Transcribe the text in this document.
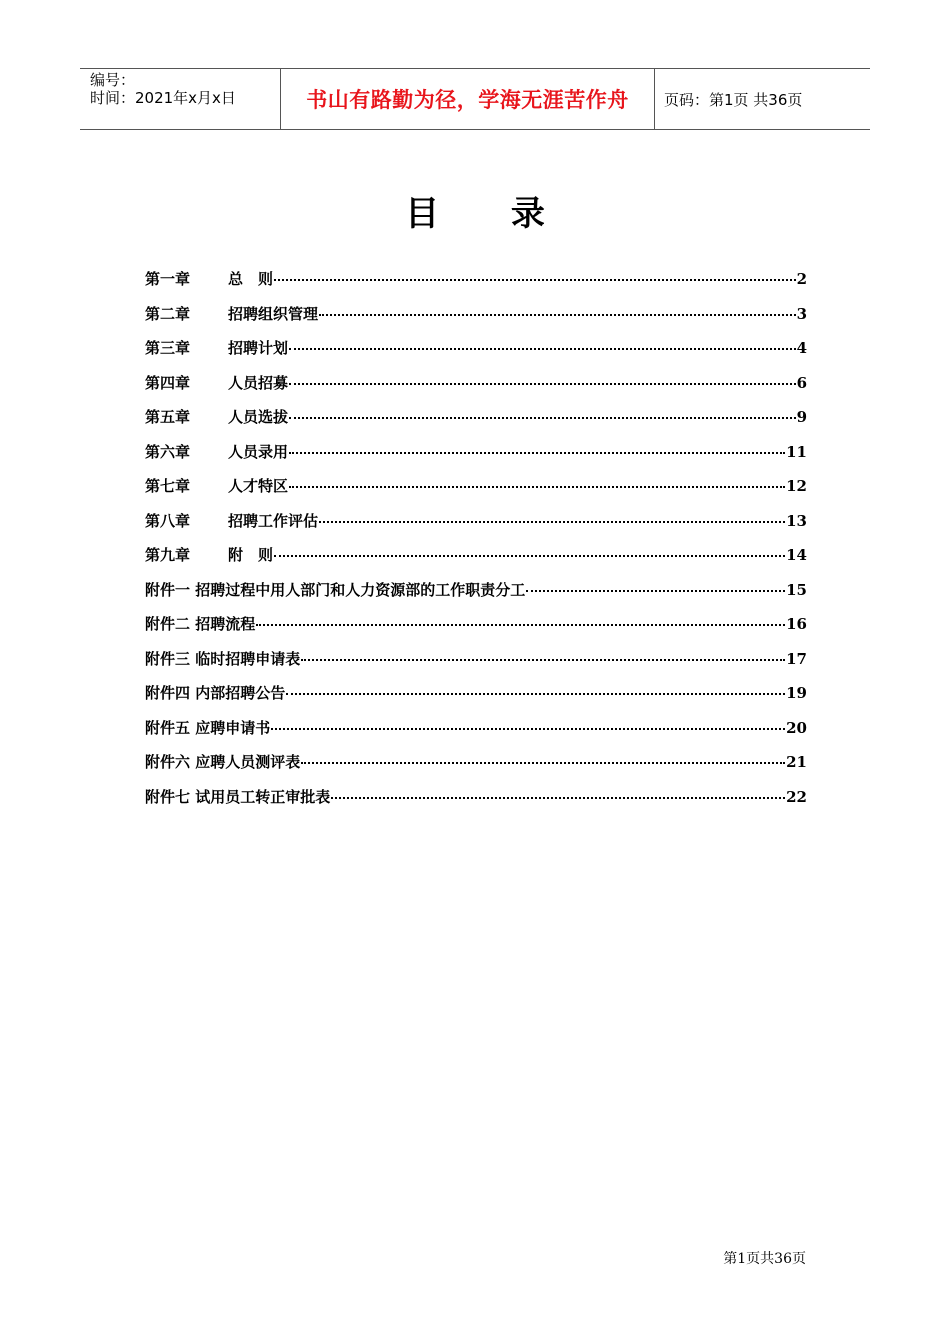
编号：
时间：2021年x月x日	书山有路勤为径，学海无涯苦作舟	页码：第1页 共36页
目 录
第一章	总　则	2
第二章	招聘组织管理	3
第三章	招聘计划	4
第四章	人员招募	6
第五章	人员选拔	9
第六章	人员录用	11
第七章	人才特区	12
第八章	招聘工作评估	13
第九章	附　则	14
附件一 招聘过程中用人部门和人力资源部的工作职责分工	15
附件二 招聘流程	16
附件三 临时招聘申请表	17
附件四 内部招聘公告	19
附件五 应聘申请书	20
附件六 应聘人员测评表	21
附件七 试用员工转正审批表	22
第1页共36页
